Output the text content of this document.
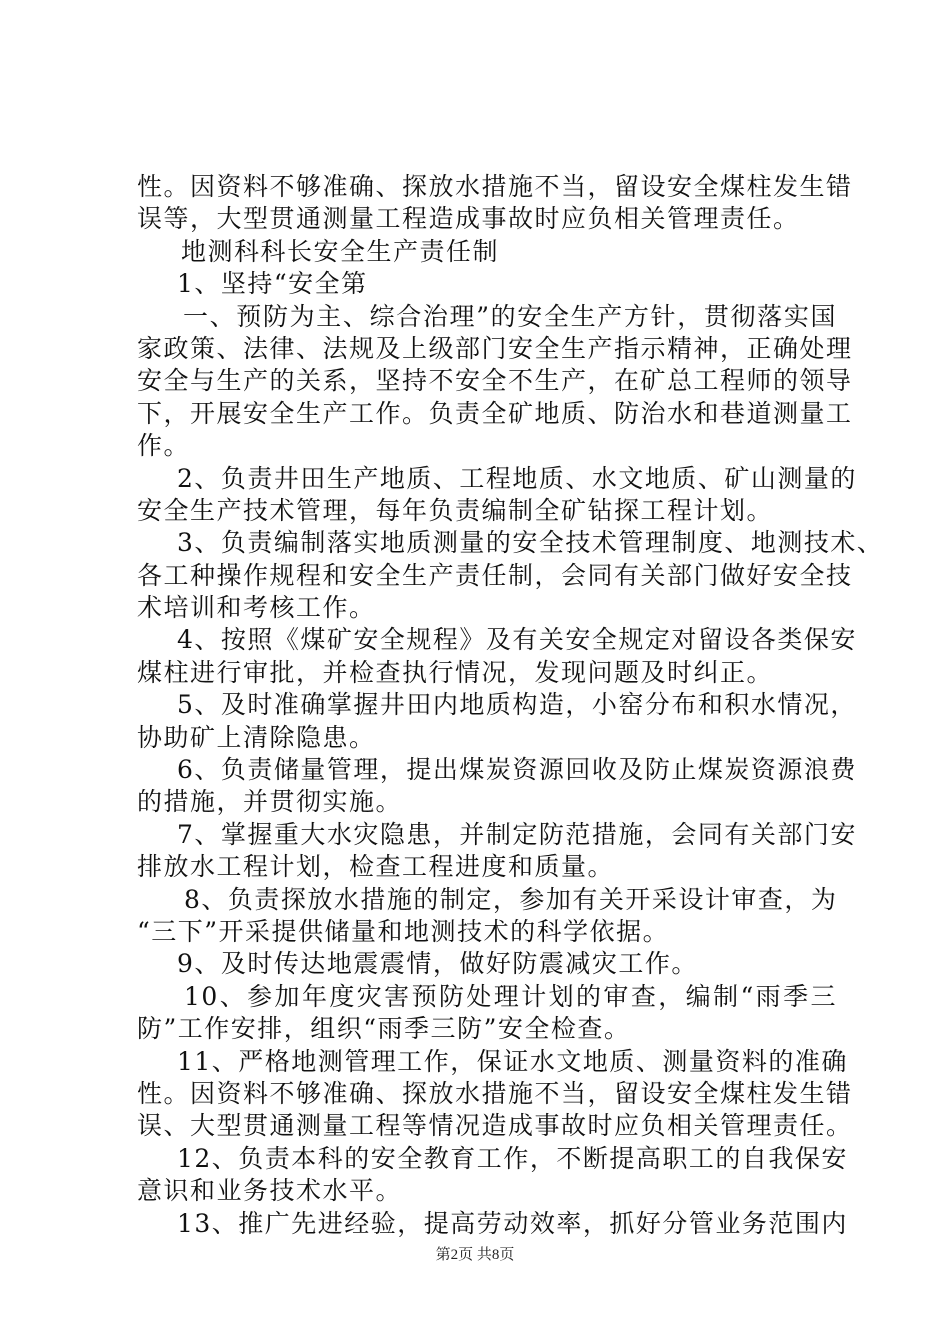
性。因资料不够准确、探放水措施不当，留设安全煤柱发生错
误等，大型贯通测量工程造成事故时应负相关管理责任。
地测科科长安全生产责任制
1、坚持“安全第
一、预防为主、综合治理”的安全生产方针，贯彻落实国
家政策、法律、法规及上级部门安全生产指示精神，正确处理
安全与生产的关系，坚持不安全不生产，在矿总工程师的领导
下，开展安全生产工作。负责全矿地质、防治水和巷道测量工
作。
2、负责井田生产地质、工程地质、水文地质、矿山测量的
安全生产技术管理，每年负责编制全矿钻探工程计划。
3、负责编制落实地质测量的安全技术管理制度、地测技术、
各工种操作规程和安全生产责任制，会同有关部门做好安全技
术培训和考核工作。
4、按照《煤矿安全规程》及有关安全规定对留设各类保安
煤柱进行审批，并检查执行情况，发现问题及时纠正。
5、及时准确掌握井田内地质构造，小窑分布和积水情况，
协助矿上清除隐患。
6、负责储量管理，提出煤炭资源回收及防止煤炭资源浪费
的措施，并贯彻实施。
7、掌握重大水灾隐患，并制定防范措施，会同有关部门安
排放水工程计划，检查工程进度和质量。
8、负责探放水措施的制定，参加有关开采设计审查，为
“三下”开采提供储量和地测技术的科学依据。
9、及时传达地震震情，做好防震减灾工作。
10、参加年度灾害预防处理计划的审查，编制“雨季三
防”工作安排，组织“雨季三防”安全检查。
11、严格地测管理工作，保证水文地质、测量资料的准确
性。因资料不够准确、探放水措施不当，留设安全煤柱发生错
误、大型贯通测量工程等情况造成事故时应负相关管理责任。
12、负责本科的安全教育工作，不断提高职工的自我保安
意识和业务技术水平。
13、推广先进经验，提高劳动效率，抓好分管业务范围内
第2页 共8页
